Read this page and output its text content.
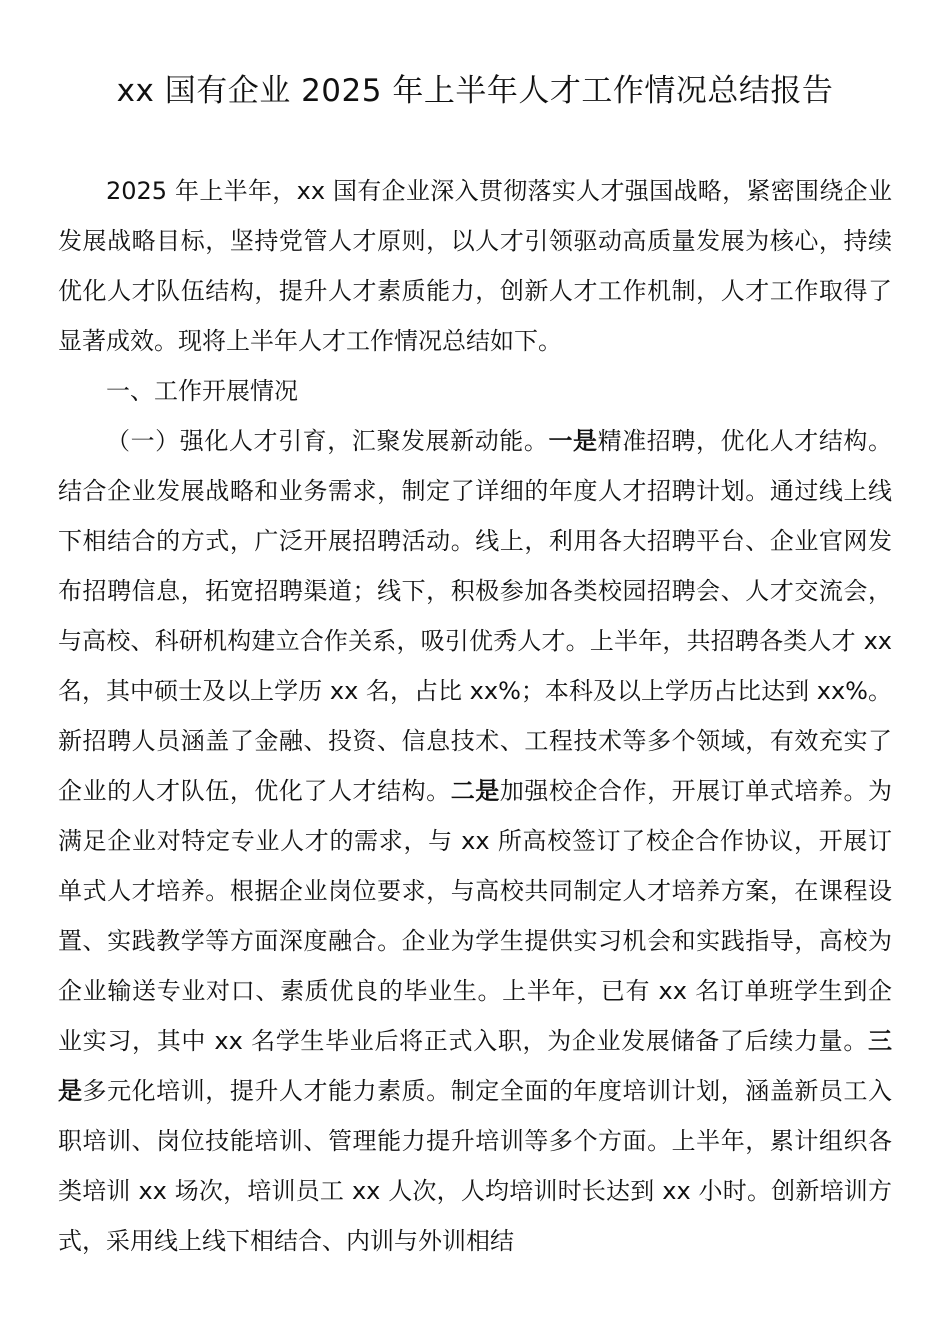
xx 国有企业 2025 年上半年人才工作情况总结报告

2025 年上半年，xx 国有企业深入贯彻落实人才强国战略，紧密围绕企业发展战略目标，坚持党管人才原则，以人才引领驱动高质量发展为核心，持续优化人才队伍结构，提升人才素质能力，创新人才工作机制，人才工作取得了显著成效。现将上半年人才工作情况总结如下。

一、工作开展情况

（一）强化人才引育，汇聚发展新动能。一是精准招聘，优化人才结构。结合企业发展战略和业务需求，制定了详细的年度人才招聘计划。通过线上线下相结合的方式，广泛开展招聘活动。线上，利用各大招聘平台、企业官网发布招聘信息，拓宽招聘渠道；线下，积极参加各类校园招聘会、人才交流会，与高校、科研机构建立合作关系，吸引优秀人才。上半年，共招聘各类人才 xx 名，其中硕士及以上学历 xx 名，占比 xx%；本科及以上学历占比达到 xx%。新招聘人员涵盖了金融、投资、信息技术、工程技术等多个领域，有效充实了企业的人才队伍，优化了人才结构。二是加强校企合作，开展订单式培养。为满足企业对特定专业人才的需求，与 xx 所高校签订了校企合作协议，开展订单式人才培养。根据企业岗位要求，与高校共同制定人才培养方案，在课程设置、实践教学等方面深度融合。企业为学生提供实习机会和实践指导，高校为企业输送专业对口、素质优良的毕业生。上半年，已有 xx 名订单班学生到企业实习，其中 xx 名学生毕业后将正式入职，为企业发展储备了后续力量。三是多元化培训，提升人才能力素质。制定全面的年度培训计划，涵盖新员工入职培训、岗位技能培训、管理能力提升培训等多个方面。上半年，累计组织各类培训 xx 场次，培训员工 xx 人次，人均培训时长达到 xx 小时。创新培训方式，采用线上线下相结合、内训与外训相结
